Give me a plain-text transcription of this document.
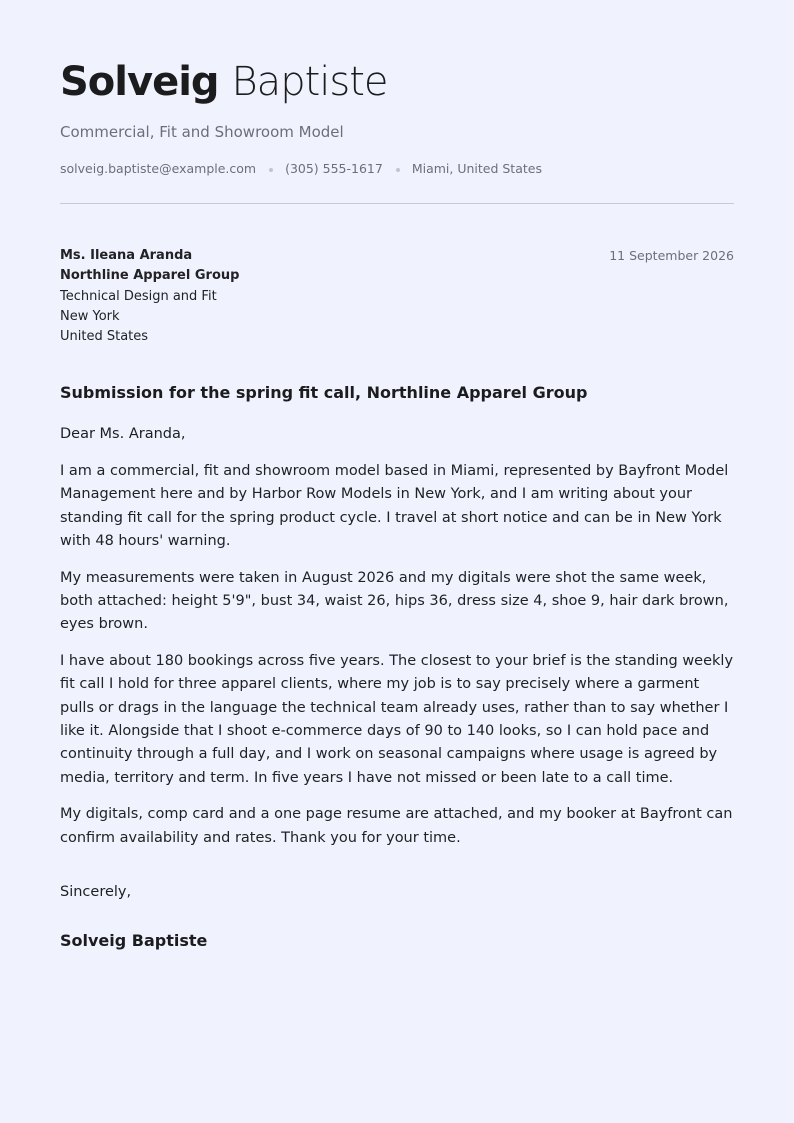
Solveig Baptiste
Commercial, Fit and Showroom Model
solveig.baptiste@example.com (305) 555-1617 Miami, United States
Ms. Ileana Aranda
Northline Apparel Group
Technical Design and Fit
New York
United States
11 September 2026
Submission for the spring fit call, Northline Apparel Group
Dear Ms. Aranda,
I am a commercial, fit and showroom model based in Miami, represented by Bayfront Model Management here and by Harbor Row Models in New York, and I am writing about your standing fit call for the spring product cycle. I travel at short notice and can be in New York with 48 hours' warning.
My measurements were taken in August 2026 and my digitals were shot the same week, both attached: height 5'9", bust 34, waist 26, hips 36, dress size 4, shoe 9, hair dark brown, eyes brown.
I have about 180 bookings across five years. The closest to your brief is the standing weekly fit call I hold for three apparel clients, where my job is to say precisely where a garment pulls or drags in the language the technical team already uses, rather than to say whether I like it. Alongside that I shoot e-commerce days of 90 to 140 looks, so I can hold pace and continuity through a full day, and I work on seasonal campaigns where usage is agreed by media, territory and term. In five years I have not missed or been late to a call time.
My digitals, comp card and a one page resume are attached, and my booker at Bayfront can confirm availability and rates. Thank you for your time.
Sincerely,
Solveig Baptiste
